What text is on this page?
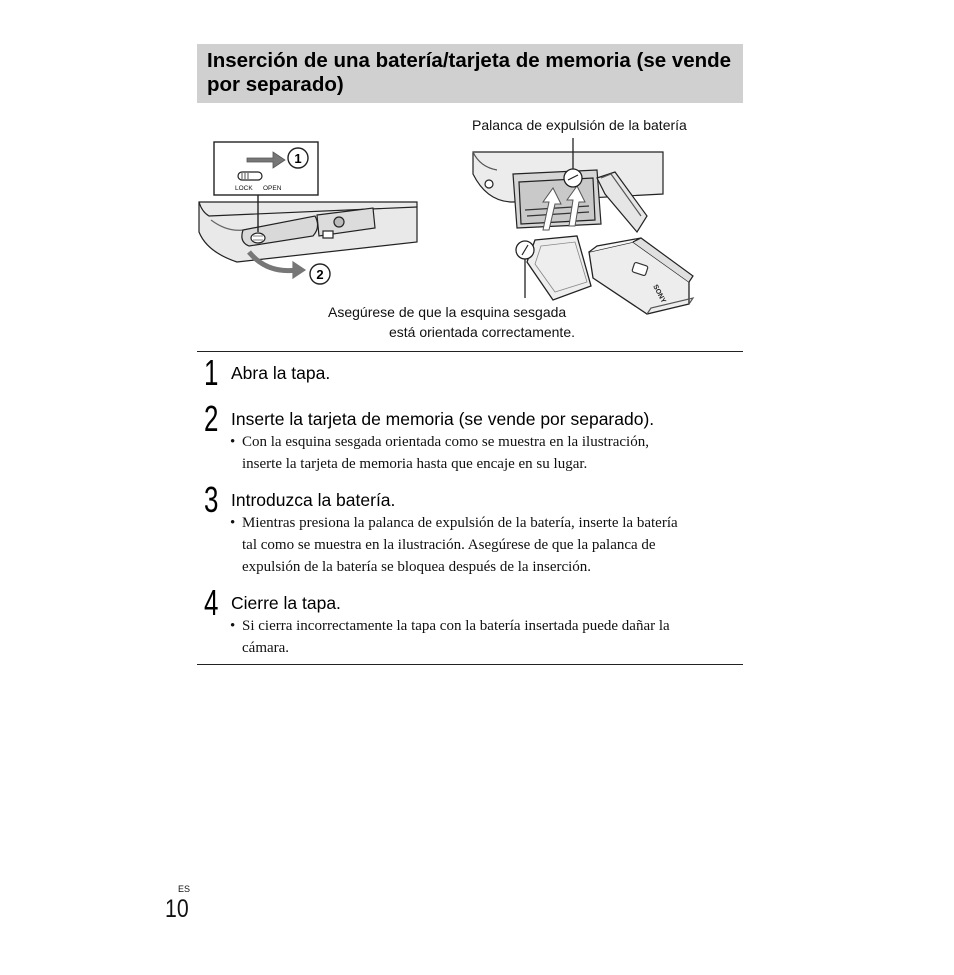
Inserción de una batería/tarjeta de memoria (se vende por separado)
1
2
LOCK OPEN
SONY
Palanca de expulsión de la batería
Asegúrese de que la esquina sesgada
está orientada correctamente.
1 Abra la tapa.
2 Inserte la tarjeta de memoria (se vende por separado).
• Con la esquina sesgada orientada como se muestra en la ilustración,
inserte la tarjeta de memoria hasta que encaje en su lugar.
3 Introduzca la batería.
• Mientras presiona la palanca de expulsión de la batería, inserte la batería
tal como se muestra en la ilustración. Asegúrese de que la palanca de
expulsión de la batería se bloquea después de la inserción.
4 Cierre la tapa.
• Si cierra incorrectamente la tapa con la batería insertada puede dañar la
cámara.
ES
10
